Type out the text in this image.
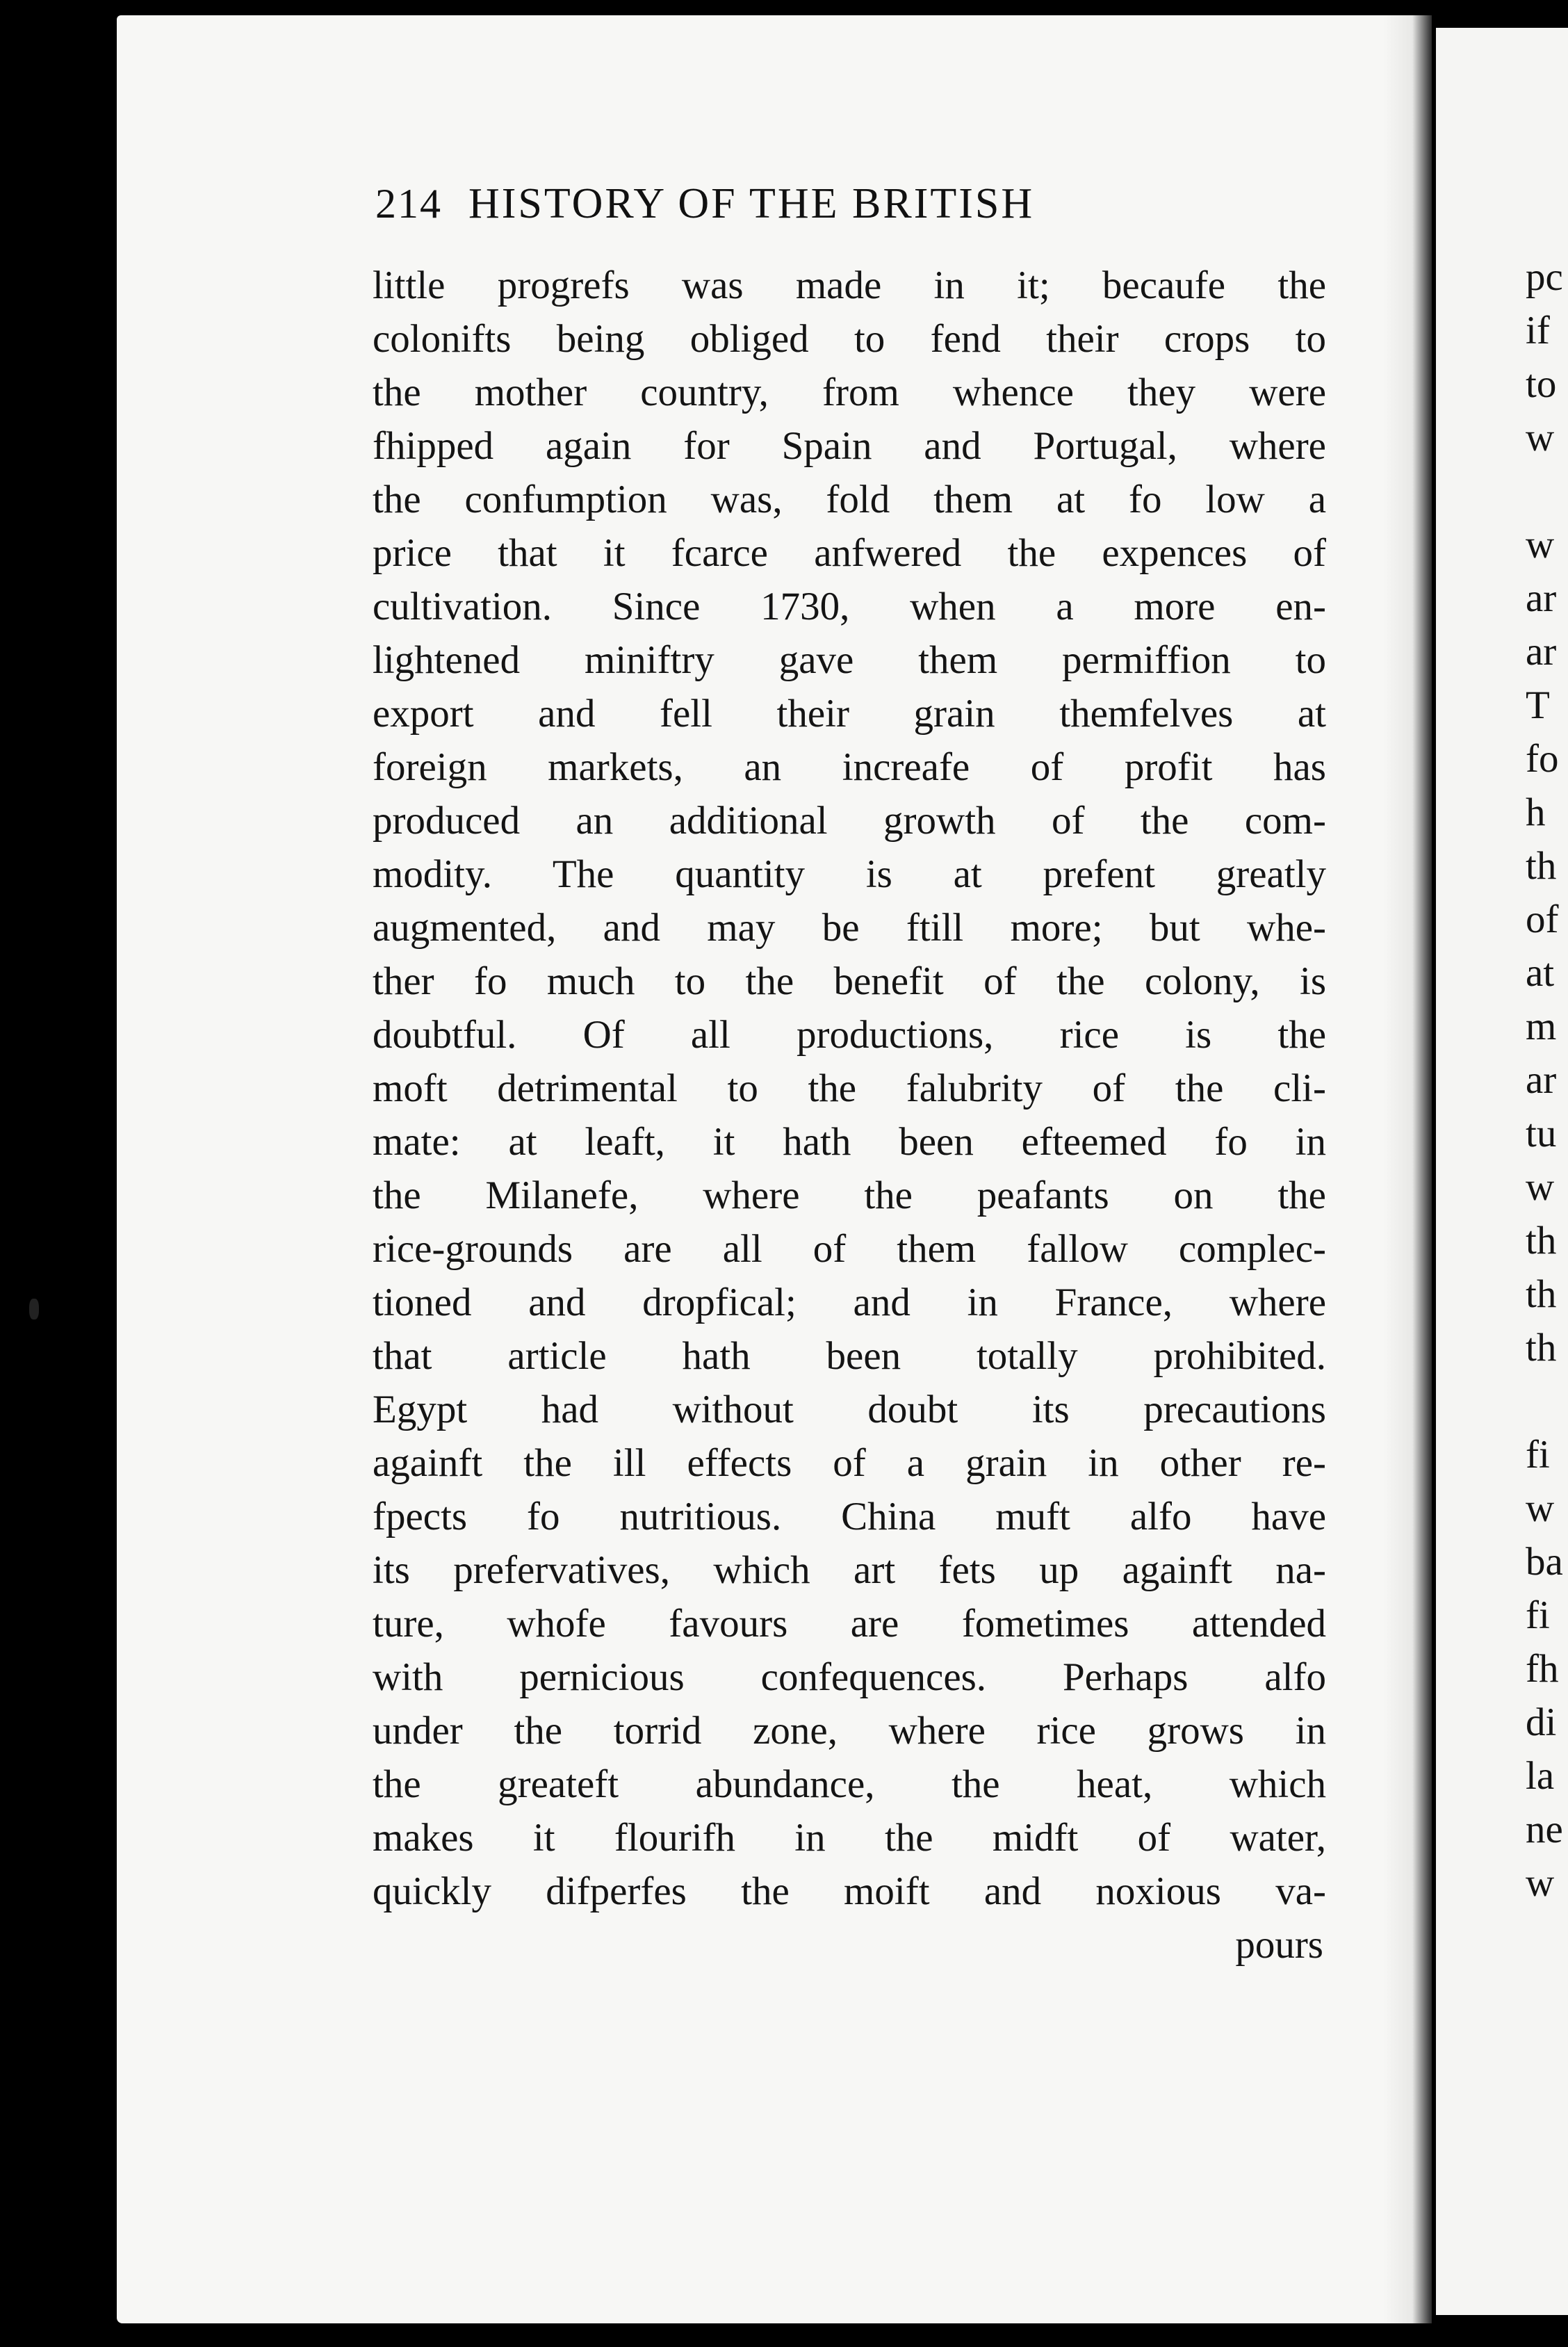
214 HISTORY OF THE BRITISH
little progrefs was made in it; becaufe the
colonifts being obliged to fend their crops to
the mother country, from whence they were
fhipped again for Spain and Portugal, where
the confumption was, fold them at fo low a
price that it fcarce anfwered the expences of
cultivation. Since 1730, when a more en-
lightened miniftry gave them permiffion to
export and fell their grain themfelves at
foreign markets, an increafe of profit has
produced an additional growth of the com-
modity. The quantity is at prefent greatly
augmented, and may be ftill more; but whe-
ther fo much to the benefit of the colony, is
doubtful. Of all productions, rice is the
moft detrimental to the falubrity of the cli-
mate: at leaft, it hath been efteemed fo in
the Milanefe, where the peafants on the
rice-grounds are all of them fallow complec-
tioned and dropfical; and in France, where
that article hath been totally prohibited.
Egypt had without doubt its precautions
againft the ill effects of a grain in other re-
fpects fo nutritious. China muft alfo have
its prefervatives, which art fets up againft na-
ture, whofe favours are fometimes attended
with pernicious confequences. Perhaps alfo
under the torrid zone, where rice grows in
the greateft abundance, the heat, which
makes it flourifh in the midft of water,
quickly difperfes the moift and noxious va-
pours
pc
if
to
w
w
ar
ar
T
fo
h
th
of
at
m
ar
tu
w
th
th
th
fi
w
ba
fi
fh
di
la
ne
w
